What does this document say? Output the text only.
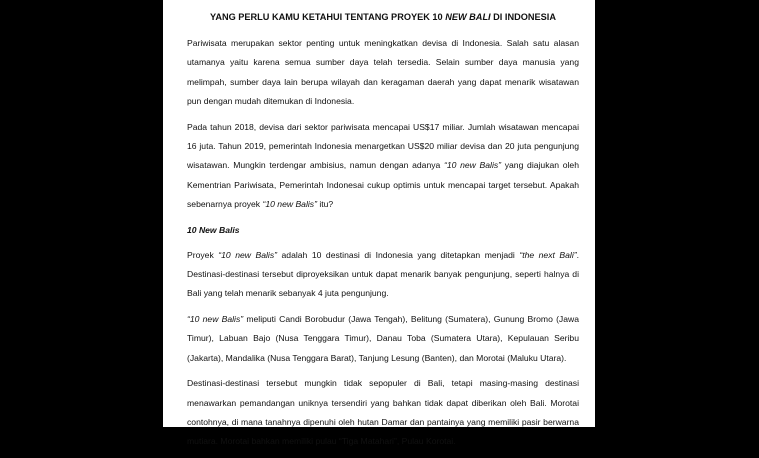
YANG PERLU KAMU KETAHUI TENTANG PROYEK 10 NEW BALI DI INDONESIA

Pariwisata merupakan sektor penting untuk meningkatkan devisa di Indonesia. Salah satu alasan utamanya yaitu karena semua sumber daya telah tersedia. Selain sumber daya manusia yang melimpah, sumber daya lain berupa wilayah dan keragaman daerah yang dapat menarik wisatawan pun dengan mudah ditemukan di Indonesia.

Pada tahun 2018, devisa dari sektor pariwisata mencapai US$17 miliar. Jumlah wisatawan mencapai 16 juta. Tahun 2019, pemerintah Indonesia menargetkan US$20 miliar devisa dan 20 juta pengunjung wisatawan. Mungkin terdengar ambisius, namun dengan adanya “10 new Balis” yang diajukan oleh Kementrian Pariwisata, Pemerintah Indonesai cukup optimis untuk mencapai target tersebut. Apakah sebenarnya proyek “10 new Balis” itu?

10 New Balis

Proyek “10 new Balis” adalah 10 destinasi di Indonesia yang ditetapkan menjadi “the next Bali”. Destinasi-destinasi tersebut diproyeksikan untuk dapat menarik banyak pengunjung, seperti halnya di Bali yang telah menarik sebanyak 4 juta pengunjung.

“10 new Balis” meliputi Candi Borobudur (Jawa Tengah), Belitung (Sumatera), Gunung Bromo (Jawa Timur), Labuan Bajo (Nusa Tenggara Timur), Danau Toba (Sumatera Utara), Kepulauan Seribu (Jakarta), Mandalika (Nusa Tenggara Barat), Tanjung Lesung (Banten), dan Morotai (Maluku Utara).

Destinasi-destinasi tersebut mungkin tidak sepopuler di Bali, tetapi masing-masing destinasi menawarkan pemandangan uniknya tersendiri yang bahkan tidak dapat diberikan oleh Bali. Morotai contohnya, di mana tanahnya dipenuhi oleh hutan Damar dan pantainya yang memiliki pasir berwarna mutiara. Morotai bahkan memiliki pulau “Tiga Matahari”, Pulau Korotai.
